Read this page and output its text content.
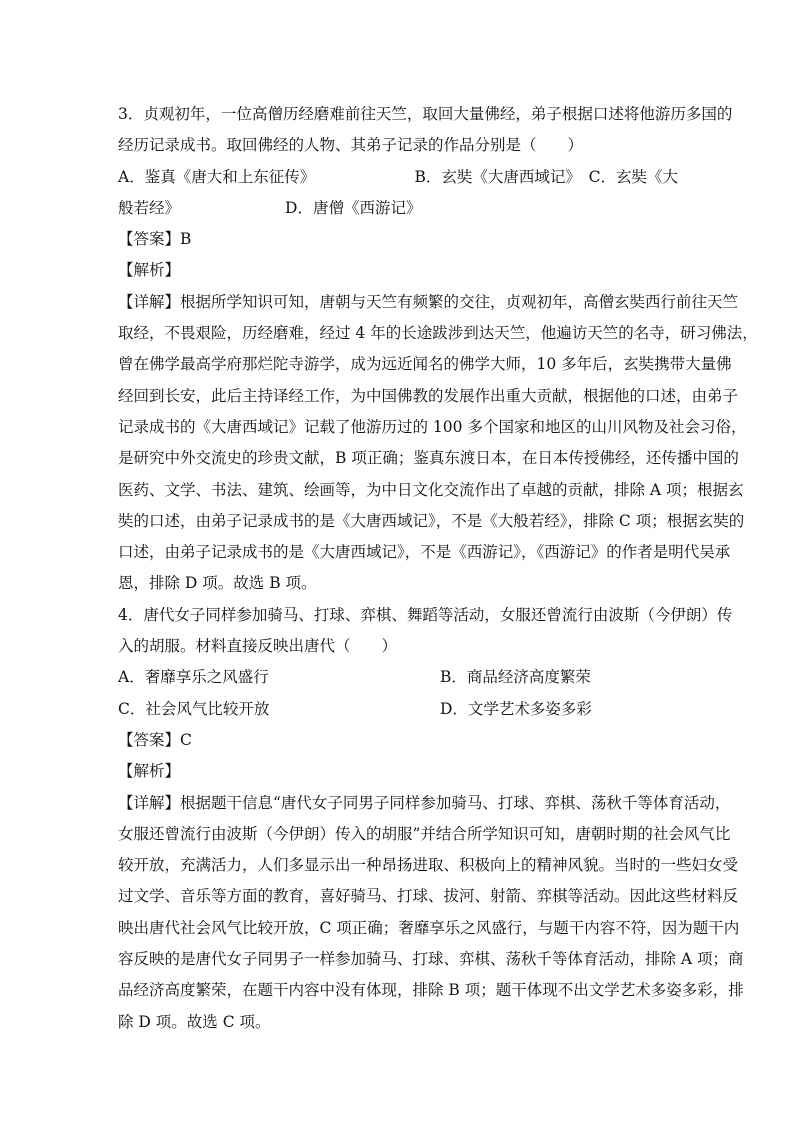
3．贞观初年，一位高僧历经磨难前往天竺，取回大量佛经，弟子根据口述将他游历多国的
经历记录成书。取回佛经的人物、其弟子记录的作品分别是（　　）
A．鉴真《唐大和上东征传》	B．玄奘《大唐西域记》　C．玄奘《大
般若经》	D．唐僧《西游记》
【答案】B
【解析】
【详解】根据所学知识可知，唐朝与天竺有频繁的交往，贞观初年，高僧玄奘西行前往天竺
取经，不畏艰险，历经磨难，经过 4 年的长途跋涉到达天竺，他遍访天竺的名寺，研习佛法，
曾在佛学最高学府那烂陀寺游学，成为远近闻名的佛学大师，10 多年后，玄奘携带大量佛
经回到长安，此后主持译经工作，为中国佛教的发展作出重大贡献，根据他的口述，由弟子
记录成书的《大唐西域记》记载了他游历过的 100 多个国家和地区的山川风物及社会习俗，
是研究中外交流史的珍贵文献，B 项正确；鉴真东渡日本，在日本传授佛经，还传播中国的
医药、文学、书法、建筑、绘画等，为中日文化交流作出了卓越的贡献，排除 A 项；根据玄
奘的口述，由弟子记录成书的是《大唐西域记》，不是《大般若经》，排除 C 项；根据玄奘的
口述，由弟子记录成书的是《大唐西域记》，不是《西游记》，《西游记》的作者是明代吴承
恩，排除 D 项。故选 B 项。
4．唐代女子同样参加骑马、打球、弈棋、舞蹈等活动，女服还曾流行由波斯（今伊朗）传
入的胡服。材料直接反映出唐代（　　）
A．奢靡享乐之风盛行	B．商品经济高度繁荣
C．社会风气比较开放	D．文学艺术多姿多彩
【答案】C
【解析】
【详解】根据题干信息“唐代女子同男子同样参加骑马、打球、弈棋、荡秋千等体育活动，
女服还曾流行由波斯（今伊朗）传入的胡服”并结合所学知识可知，唐朝时期的社会风气比
较开放，充满活力，人们多显示出一种昂扬进取、积极向上的精神风貌。当时的一些妇女受
过文学、音乐等方面的教育，喜好骑马、打球、拔河、射箭、弈棋等活动。因此这些材料反
映出唐代社会风气比较开放，C 项正确；奢靡享乐之风盛行，与题干内容不符，因为题干内
容反映的是唐代女子同男子一样参加骑马、打球、弈棋、荡秋千等体育活动，排除 A 项；商
品经济高度繁荣，在题干内容中没有体现，排除 B 项；题干体现不出文学艺术多姿多彩，排
除 D 项。故选 C 项。
